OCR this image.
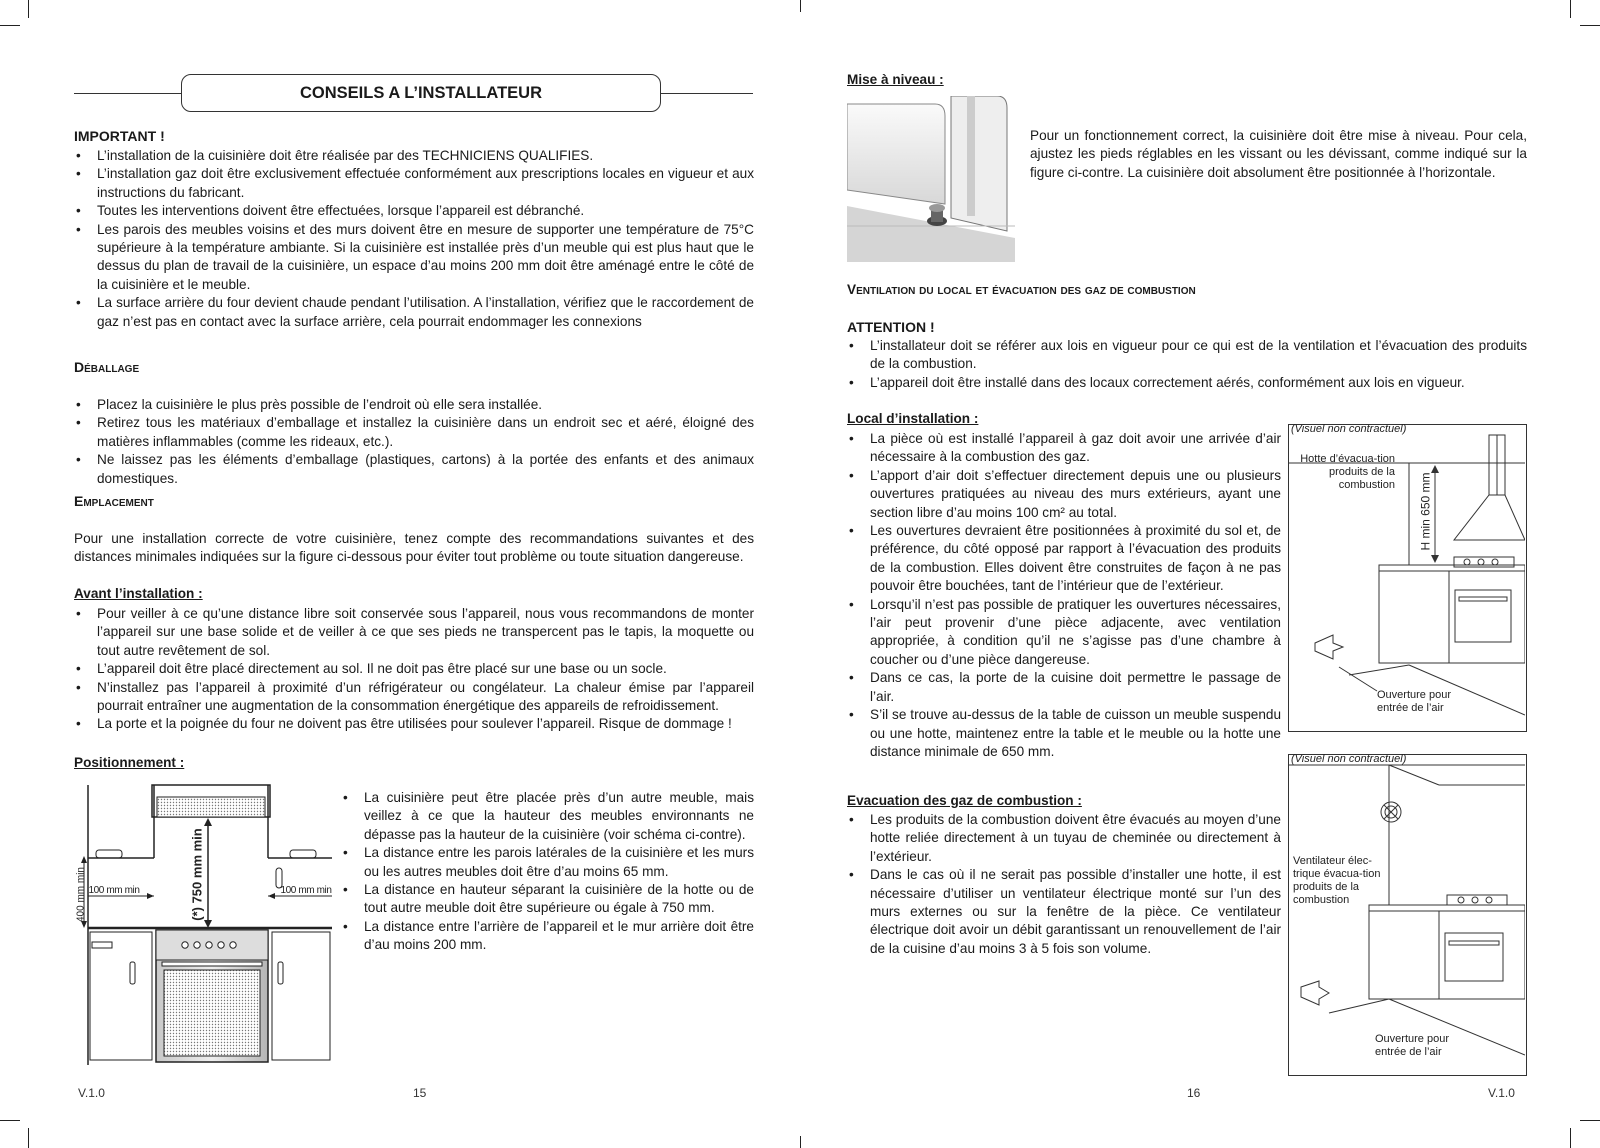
CONSEILS A L’INSTALLATEUR
IMPORTANT !
• L’installation de la cuisinière doit être réalisée par des TECHNICIENS QUALIFIES.
• L’installation gaz doit être exclusivement effectuée conformément aux prescriptions locales en vigueur et aux instructions du fabricant.
• Toutes les interventions doivent être effectuées, lorsque l’appareil est débranché.
• Les parois des meubles voisins et des murs doivent être en mesure de supporter une température de 75°C supérieure à la température ambiante. Si la cuisinière est installée près d’un meuble qui est plus haut que le dessus du plan de travail de la cuisinière, un espace d’au moins 200 mm doit être aménagé entre le côté de la cuisinière et le meuble.
• La surface arrière du four devient chaude pendant l’utilisation. A l’installation, vérifiez que le raccordement de gaz n’est pas en contact avec la surface arrière, cela pourrait endommager les connexions
Déballage
• Placez la cuisinière le plus près possible de l’endroit où elle sera installée.
• Retirez tous les matériaux d’emballage et installez la cuisinière dans un endroit sec et aéré, éloigné des matières inflammables (comme les rideaux, etc.).
• Ne laissez pas les éléments d’emballage (plastiques, cartons) à la portée des enfants et des animaux domestiques.
Emplacement
Pour une installation correcte de votre cuisinière, tenez compte des recommandations suivantes et des distances minimales indiquées sur la figure ci-dessous pour éviter tout problème ou toute situation dangereuse.
Avant l’installation :
• Pour veiller à ce qu’une distance libre soit conservée sous l’appareil, nous vous recommandons de monter l’appareil sur une base solide et de veiller à ce que ses pieds ne transpercent pas le tapis, la moquette ou tout autre revêtement de sol.
• L’appareil doit être placé directement au sol. Il ne doit pas être placé sur une base ou un socle.
• N’installez pas l’appareil à proximité d’un réfrigérateur ou congélateur. La chaleur émise par l’appareil pourrait entraîner une augmentation de la consommation énergétique des appareils de refroidissement.
• La porte et la poignée du four ne doivent pas être utilisées pour soulever l’appareil. Risque de dommage !
Positionnement :
• La cuisinière peut être placée près d’un autre meuble, mais veillez à ce que la hauteur des meubles environnants ne dépasse pas la hauteur de la cuisinière (voir schéma ci-contre).
• La distance entre les parois latérales de la cuisinière et les murs ou les autres meubles doit être d’au moins 65 mm.
• La distance en hauteur séparant la cuisinière de la hotte ou de tout autre meuble doit être supérieure ou égale à 750 mm.
• La distance entre l’arrière de l’appareil et le mur arrière doit être d’au moins 200 mm.
100 mm min	100 mm min
(*) 750 mm min
400 mm min
V.1.0	15
Mise à niveau :
Pour un fonctionnement correct, la cuisinière doit être mise à niveau. Pour cela, ajustez les pieds réglables en les vissant ou les dévissant, comme indiqué sur la figure ci-contre. La cuisinière doit absolument être positionnée à l’horizontale.
Ventilation du local et évacuation des gaz de combustion
ATTENTION !
• L’installateur doit se référer aux lois en vigueur pour ce qui est de la ventilation et l’évacuation des produits de la combustion.
• L’appareil doit être installé dans des locaux correctement aérés, conformément aux lois en vigueur.
Local d’installation :
• La pièce où est installé l’appareil à gaz doit avoir une arrivée d’air nécessaire à la combustion des gaz.
• L’apport d’air doit s’effectuer directement depuis une ou plusieurs ouvertures pratiquées au niveau des murs extérieurs, ayant une section libre d’au moins 100 cm² au total.
• Les ouvertures devraient être positionnées à proximité du sol et, de préférence, du côté opposé par rapport à l’évacuation des produits de la combustion. Elles doivent être construites de façon à ne pas pouvoir être bouchées, tant de l’intérieur que de l’extérieur.
• Lorsqu’il n’est pas possible de pratiquer les ouvertures nécessaires, l’air peut provenir d’une pièce adjacente, avec ventilation appropriée, à condition qu’il ne s’agisse pas d’une chambre à coucher ou d’une pièce dangereuse.
• Dans ce cas, la porte de la cuisine doit permettre le passage de l’air.
• S’il se trouve au-dessus de la table de cuisson un meuble suspendu ou une hotte, maintenez entre la table et le meuble ou la hotte une distance minimale de 650 mm.
(Visuel non contractuel)
Hotte d’évacua-tion produits de la combustion H min 650 mm
Ouverture pour entrée de l’air
Evacuation des gaz de combustion :
• Les produits de la combustion doivent être évacués au moyen d’une hotte reliée directement à un tuyau de cheminée ou directement à l’extérieur.
• Dans le cas où il ne serait pas possible d’installer une hotte, il est nécessaire d’utiliser un ventilateur électrique monté sur l’un des murs externes ou sur la fenêtre de la pièce. Ce ventilateur électrique doit avoir un débit garantissant un renouvellement de l’air de la cuisine d’au moins 3 à 5 fois son volume.
(Visuel non contractuel)
Ventilateur élec-trique évacua-tion produits de la combustion
Ouverture pour entrée de l’air
16	V.1.0
